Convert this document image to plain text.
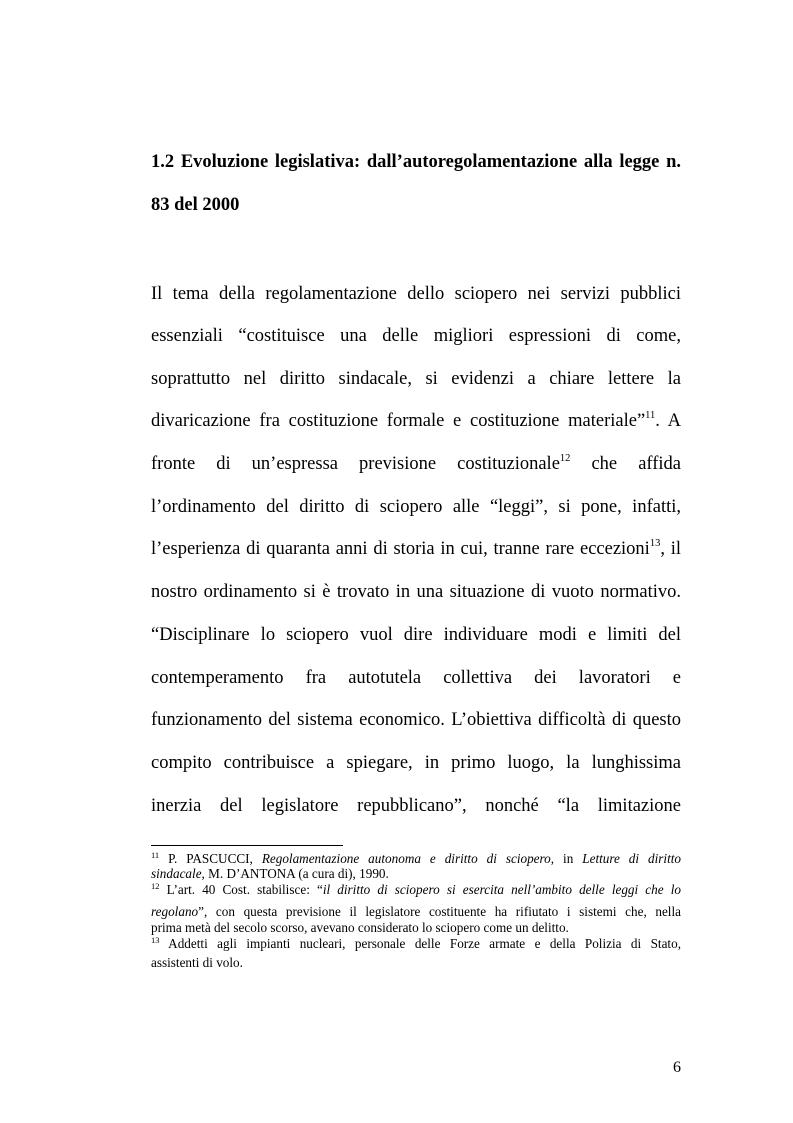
1.2 Evoluzione legislativa: dall’autoregolamentazione alla legge n.
83 del 2000
Il tema della regolamentazione dello sciopero nei servizi pubblici
essenziali “costituisce una delle migliori espressioni di come,
soprattutto nel diritto sindacale, si evidenzi a chiare lettere la
divaricazione fra costituzione formale e costituzione materiale”$^{11}$. A
fronte di un’espressa previsione costituzionale$^{12}$ che affida
l’ordinamento del diritto di sciopero alle “leggi”, si pone, infatti,
l’esperienza di quaranta anni di storia in cui, tranne rare eccezioni$^{13}$, il
nostro ordinamento si è trovato in una situazione di vuoto normativo.
“Disciplinare lo sciopero vuol dire individuare modi e limiti del
contemperamento fra autotutela collettiva dei lavoratori e
funzionamento del sistema economico. L’obiettiva difficoltà di questo
compito contribuisce a spiegare, in primo luogo, la lunghissima
inerzia del legislatore repubblicano”, nonché “la limitazione
$^{11}$ P. PASCUCCI, Regolamentazione autonoma e diritto di sciopero, in Letture di diritto
sindacale, M. D’ANTONA (a cura di), 1990.
$^{12}$ L’art. 40 Cost. stabilisce: “il diritto di sciopero si esercita nell’ambito delle leggi che lo
regolano”, con questa previsione il legislatore costituente ha rifiutato i sistemi che, nella
prima metà del secolo scorso, avevano considerato lo sciopero come un delitto.
$^{13}$ Addetti agli impianti nucleari, personale delle Forze armate e della Polizia di Stato,
assistenti di volo.
6
